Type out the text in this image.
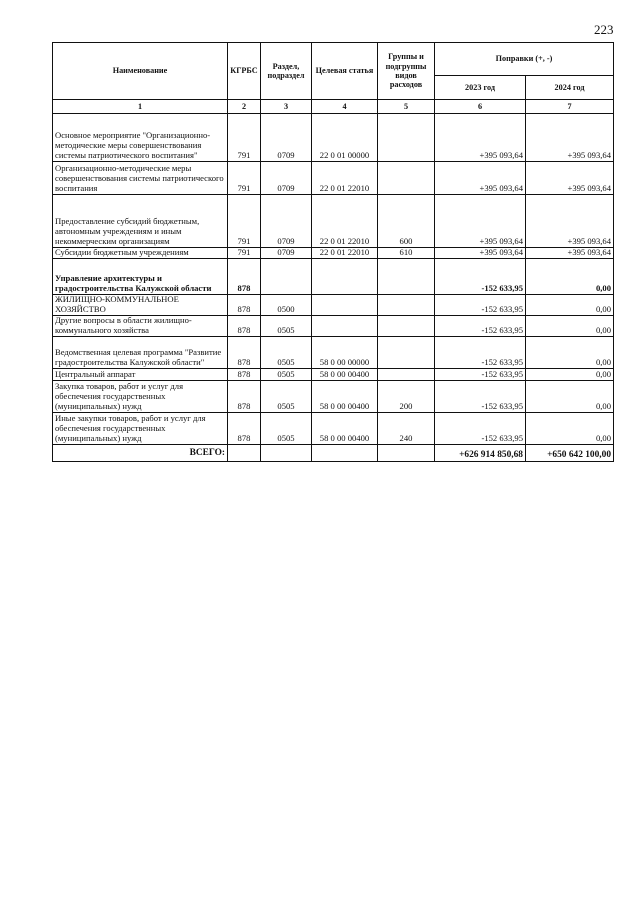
223
Наименование	КГРБС	Раздел, подраздел	Целевая статья	Группы и подгруппы видов расходов	Поправки (+, -)	
					2023 год	2024 год
1	2	3	4	5	6	7
Основное мероприятие "Организационно-методические меры совершенствования системы патриотического воспитания"	791	0709	22 0 01 00000		+395 093,64	+395 093,64
Организационно-методические меры совершенствования системы патриотического воспитания	791	0709	22 0 01 22010		+395 093,64	+395 093,64
Предоставление субсидий бюджетным, автономным учреждениям и иным некоммерческим организациям	791	0709	22 0 01 22010	600	+395 093,64	+395 093,64
Субсидии бюджетным учреждениям	791	0709	22 0 01 22010	610	+395 093,64	+395 093,64
Управление архитектуры и градостроительства Калужской области	878				-152 633,95	0,00
ЖИЛИЩНО-КОММУНАЛЬНОЕ ХОЗЯЙСТВО	878	0500			-152 633,95	0,00
Другие вопросы в области жилищно-коммунального хозяйства	878	0505			-152 633,95	0,00
Ведомственная целевая программа "Развитие градостроительства Калужской области"	878	0505	58 0 00 00000		-152 633,95	0,00
Центральный аппарат	878	0505	58 0 00 00400		-152 633,95	0,00
Закупка товаров, работ и услуг для обеспечения государственных (муниципальных) нужд	878	0505	58 0 00 00400	200	-152 633,95	0,00
Иные закупки товаров, работ и услуг для обеспечения государственных (муниципальных) нужд	878	0505	58 0 00 00400	240	-152 633,95	0,00
ВСЕГО:					+626 914 850,68	+650 642 100,00
